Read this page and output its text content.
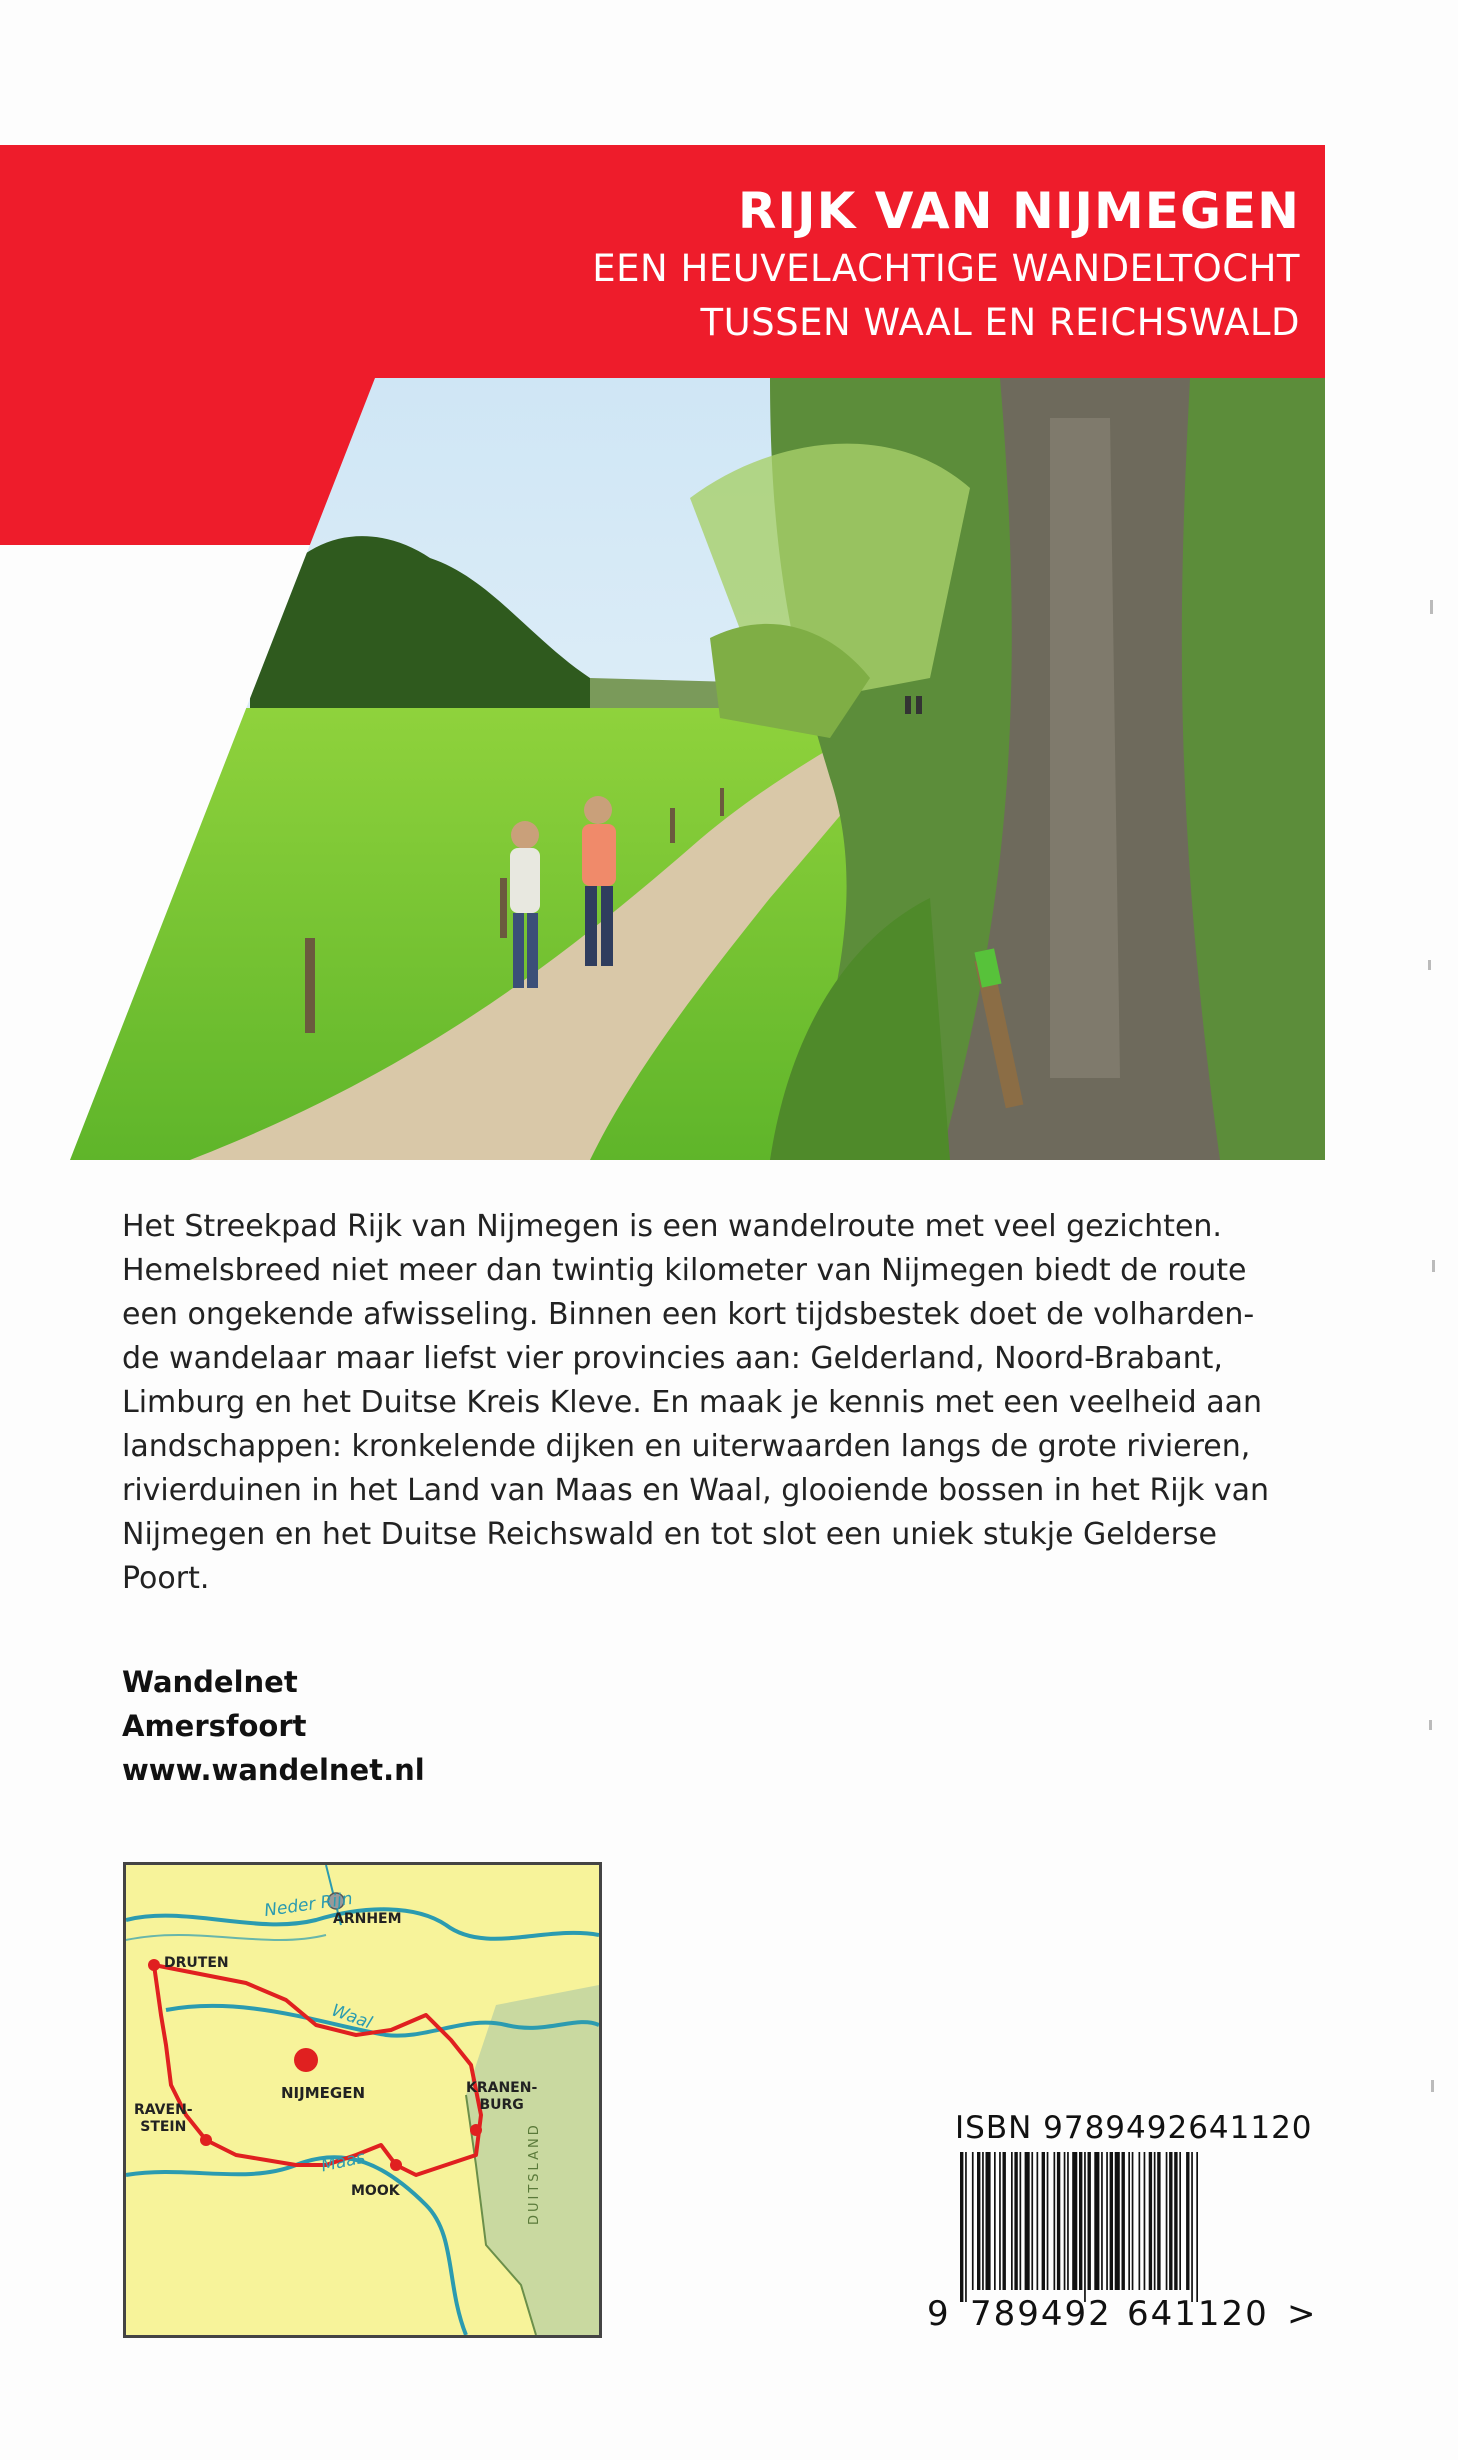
RIJK VAN NIJMEGEN
EEN HEUVELACHTIGE WANDELTOCHT
TUSSEN WAAL EN REICHSWALD

Het Streekpad Rijk van Nijmegen is een wandelroute met veel gezichten.

Hemelsbreed niet meer dan twintig kilometer van Nijmegen biedt de route

een ongekende afwisseling. Binnen een kort tijdsbestek doet de volharden-

de wandelaar maar liefst vier provincies aan: Gelderland, Noord-Brabant,

Limburg en het Duitse Kreis Kleve. En maak je kennis met een veelheid aan

landschappen: kronkelende dijken en uiterwaarden langs de grote rivieren,

rivierduinen in het Land van Maas en Waal, glooiende bossen in het Rijk van

Nijmegen en het Duitse Reichswald en tot slot een uniek stukje Gelderse

Poort.

Wandelnet
Amersfoort
www.wandelnet.nl
ARNHEM
DRUTEN
NIJMEGEN
RAVEN-
STEIN
KRANEN-
BURG
MOOK
Neder Rijn
Waal
Maas	DUITSLAND	ISBN 9789492641120
9 789492 641120 >
